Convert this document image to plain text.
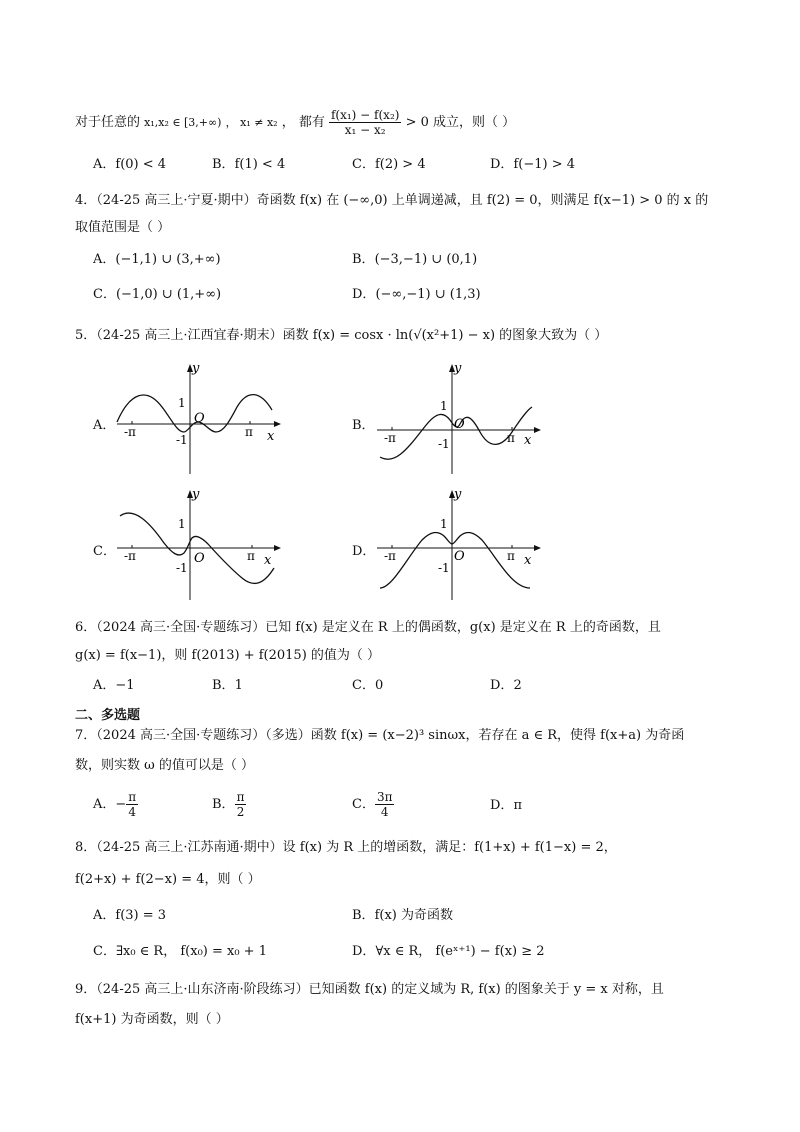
对于任意的 x₁,x₂ ∈ [3,+∞) ， x₁ ≠ x₂ ， 都有 $\frac{\text{f(x₁) − f(x₂)}}{\text{x₁ − x₂}} > 0$ 成立，则（ ）
A．f(0) < 4	B．f(1) < 4	C．f(2) > 4	D．f(−1) > 4
4．（24-25 高三上·宁夏·期中）奇函数 f(x) 在 (−∞,0) 上单调递减，且 f(2) = 0，则满足 f(x−1) > 0 的 x 的
取值范围是（ ）
A．(−1,1) ∪ (3,+∞)	B．(−3,−1) ∪ (0,1)
C．(−1,0) ∪ (1,+∞)	D．(−∞,−1) ∪ (1,3)
5．（24-25 高三上·江西宜春·期末）函数 f(x) = cosx · ln(√(x²+1) − x) 的图象大致为（ ）
A．
y
x
O
1
-1
-π	π	B．
y
x
O
1
-1
-π	π
C．
y
x
O
1
-1
-π	π	D．
y
x
O
1
-1
-π	π
6．（2024 高三·全国·专题练习）已知 f(x) 是定义在 R 上的偶函数，g(x) 是定义在 R 上的奇函数，且
g(x) = f(x−1)，则 f(2013) + f(2015) 的值为（ ）
A．−1	B．1	C．0	D．2
二、多选题
7．（2024 高三·全国·专题练习）（多选）函数 f(x) = (x−2)³ sinωx，若存在 a ∈ R，使得 f(x+a) 为奇函
数，则实数 ω 的值可以是（ ）
A．− $\frac{\pi}{4}$	B． $\frac{\pi}{2}$	C． $\frac{3\pi}{4}$	D．π
8．（24-25 高三上·江苏南通·期中）设 f(x) 为 R 上的增函数，满足：f(1+x) + f(1−x) = 2，
f(2+x) + f(2−x) = 4，则（ ）
A．f(3) = 3	B．f(x) 为奇函数
C．∃x₀ ∈ R， f(x₀) = x₀ + 1	D．∀x ∈ R， f(eˣ⁺¹) − f(x) ≥ 2
9．（24-25 高三上·山东济南·阶段练习）已知函数 f(x) 的定义域为 R, f(x) 的图象关于 y = x 对称，且
f(x+1) 为奇函数，则（ ）
